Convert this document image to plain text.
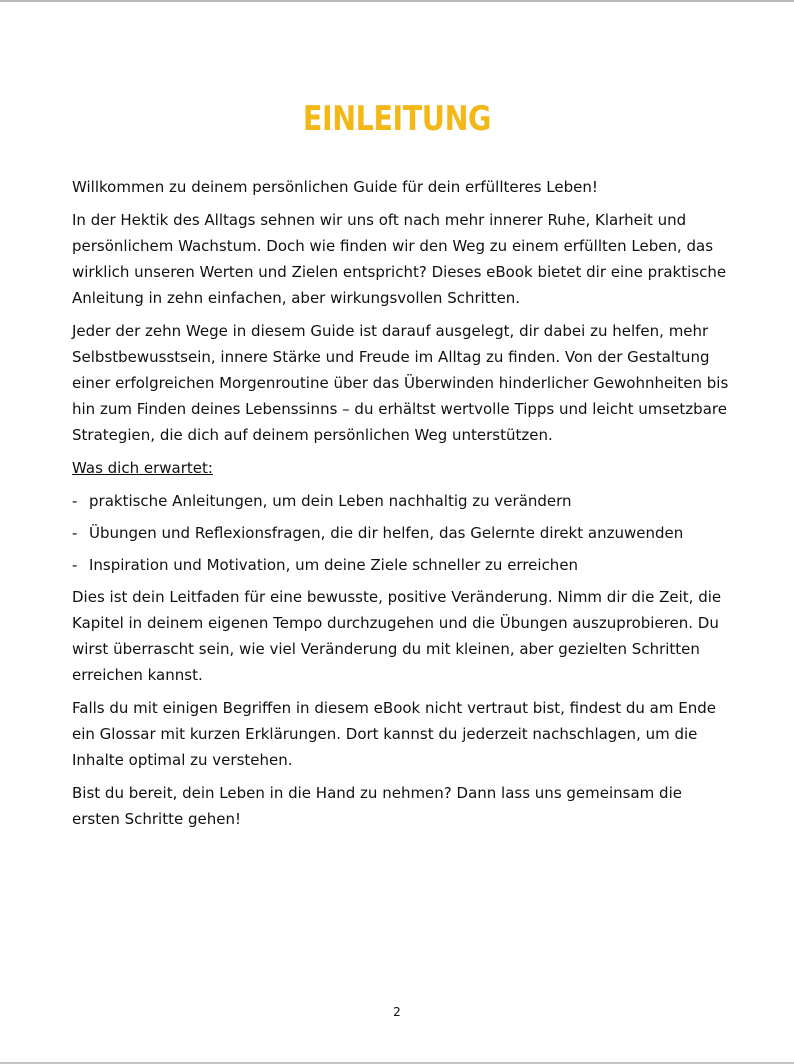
EINLEITUNG

Willkommen zu deinem persönlichen Guide für dein erfüllteres Leben!

In der Hektik des Alltags sehnen wir uns oft nach mehr innerer Ruhe, Klarheit und persönlichem Wachstum. Doch wie finden wir den Weg zu einem erfüllten Leben, das wirklich unseren Werten und Zielen entspricht? Dieses eBook bietet dir eine praktische Anleitung in zehn einfachen, aber wirkungsvollen Schritten.

Jeder der zehn Wege in diesem Guide ist darauf ausgelegt, dir dabei zu helfen, mehr Selbstbewusstsein, innere Stärke und Freude im Alltag zu finden. Von der Gestaltung einer erfolgreichen Morgenroutine über das Überwinden hinderlicher Gewohnheiten bis hin zum Finden deines Lebenssinns – du erhältst wertvolle Tipps und leicht umsetzbare Strategien, die dich auf deinem persönlichen Weg unterstützen.

Was dich erwartet:

- praktische Anleitungen, um dein Leben nachhaltig zu verändern
- Übungen und Reflexionsfragen, die dir helfen, das Gelernte direkt anzuwenden
- Inspiration und Motivation, um deine Ziele schneller zu erreichen

Dies ist dein Leitfaden für eine bewusste, positive Veränderung. Nimm dir die Zeit, die Kapitel in deinem eigenen Tempo durchzugehen und die Übungen auszuprobieren. Du wirst überrascht sein, wie viel Veränderung du mit kleinen, aber gezielten Schritten erreichen kannst.

Falls du mit einigen Begriffen in diesem eBook nicht vertraut bist, findest du am Ende ein Glossar mit kurzen Erklärungen. Dort kannst du jederzeit nachschlagen, um die Inhalte optimal zu verstehen.

Bist du bereit, dein Leben in die Hand zu nehmen? Dann lass uns gemeinsam die ersten Schritte gehen!

2
